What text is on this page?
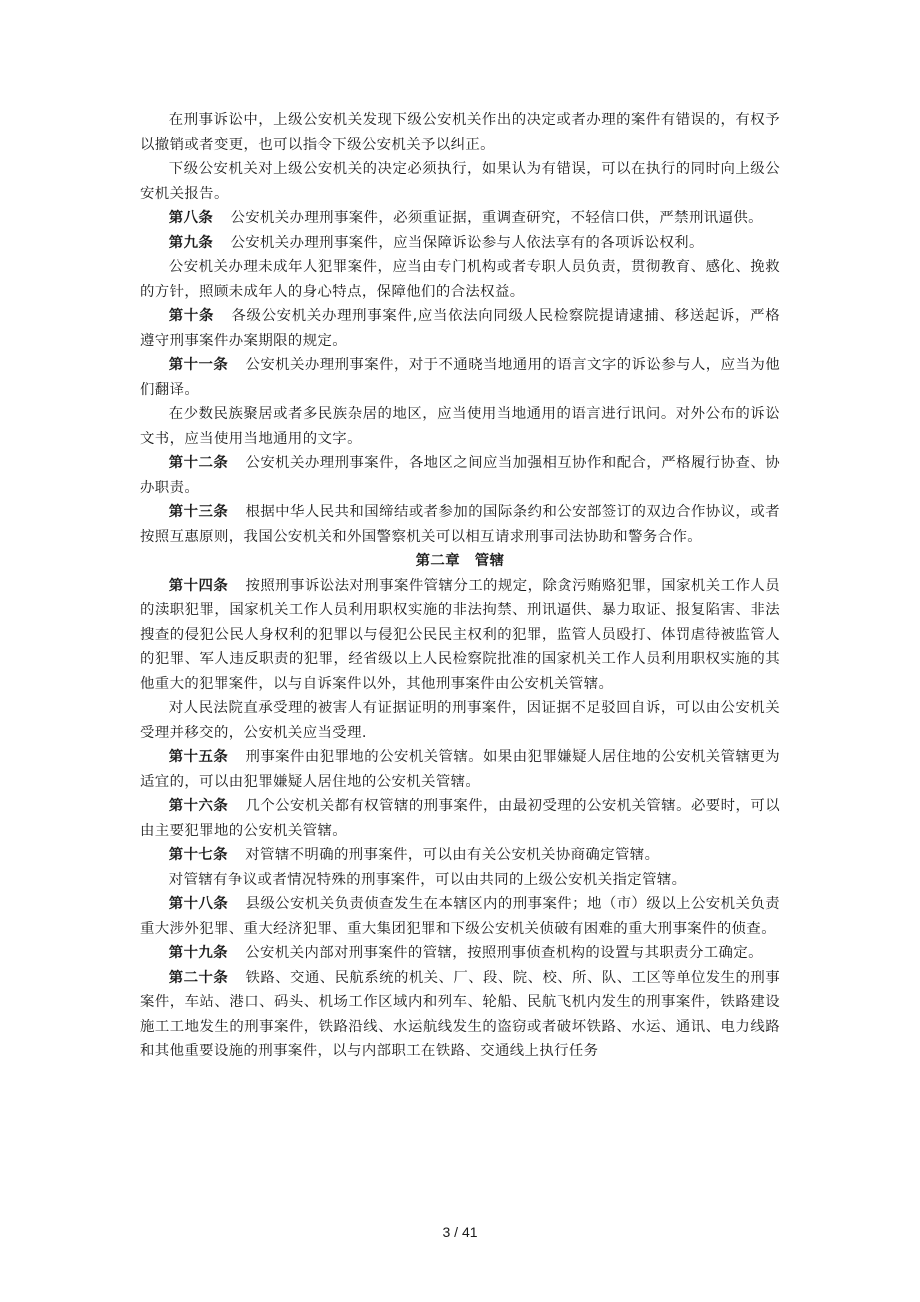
在刑事诉讼中，上级公安机关发现下级公安机关作出的决定或者办理的案件有错误的，有权予以撤销或者变更，也可以指令下级公安机关予以纠正。

下级公安机关对上级公安机关的决定必须执行，如果认为有错误，可以在执行的同时向上级公安机关报告。

第八条 公安机关办理刑事案件，必须重证据，重调查研究，不轻信口供，严禁刑讯逼供。

第九条 公安机关办理刑事案件，应当保障诉讼参与人依法享有的各项诉讼权利。

公安机关办理未成年人犯罪案件，应当由专门机构或者专职人员负责，贯彻教育、感化、挽救的方针，照顾未成年人的身心特点，保障他们的合法权益。

第十条 各级公安机关办理刑事案件,应当依法向同级人民检察院提请逮捕、移送起诉，严格遵守刑事案件办案期限的规定。

第十一条 公安机关办理刑事案件，对于不通晓当地通用的语言文字的诉讼参与人，应当为他们翻译。

在少数民族聚居或者多民族杂居的地区，应当使用当地通用的语言进行讯问。对外公布的诉讼文书，应当使用当地通用的文字。

第十二条 公安机关办理刑事案件，各地区之间应当加强相互协作和配合，严格履行协查、协办职责。

第十三条 根据中华人民共和国缔结或者参加的国际条约和公安部签订的双边合作协议，或者按照互惠原则，我国公安机关和外国警察机关可以相互请求刑事司法协助和警务合作。

第二章　管辖

第十四条 按照刑事诉讼法对刑事案件管辖分工的规定，除贪污贿赂犯罪，国家机关工作人员的渎职犯罪，国家机关工作人员利用职权实施的非法拘禁、刑讯逼供、暴力取证、报复陷害、非法搜查的侵犯公民人身权利的犯罪以与侵犯公民民主权利的犯罪，监管人员殴打、体罚虐待被监管人的犯罪、军人违反职责的犯罪，经省级以上人民检察院批准的国家机关工作人员利用职权实施的其他重大的犯罪案件，以与自诉案件以外，其他刑事案件由公安机关管辖。

对人民法院直承受理的被害人有证据证明的刑事案件，因证据不足驳回自诉，可以由公安机关受理并移交的，公安机关应当受理.

第十五条 刑事案件由犯罪地的公安机关管辖。如果由犯罪嫌疑人居住地的公安机关管辖更为适宜的，可以由犯罪嫌疑人居住地的公安机关管辖。

第十六条 几个公安机关都有权管辖的刑事案件，由最初受理的公安机关管辖。必要时，可以由主要犯罪地的公安机关管辖。

第十七条 对管辖不明确的刑事案件，可以由有关公安机关协商确定管辖。

对管辖有争议或者情况特殊的刑事案件，可以由共同的上级公安机关指定管辖。

第十八条 县级公安机关负责侦查发生在本辖区内的刑事案件；地（市）级以上公安机关负责重大涉外犯罪、重大经济犯罪、重大集团犯罪和下级公安机关侦破有困难的重大刑事案件的侦查。

第十九条 公安机关内部对刑事案件的管辖，按照刑事侦查机构的设置与其职责分工确定。

第二十条 铁路、交通、民航系统的机关、厂、段、院、校、所、队、工区等单位发生的刑事案件，车站、港口、码头、机场工作区域内和列车、轮船、民航飞机内发生的刑事案件，铁路建设施工工地发生的刑事案件，铁路沿线、水运航线发生的盗窃或者破坏铁路、水运、通讯、电力线路和其他重要设施的刑事案件，以与内部职工在铁路、交通线上执行任务

3 / 41
